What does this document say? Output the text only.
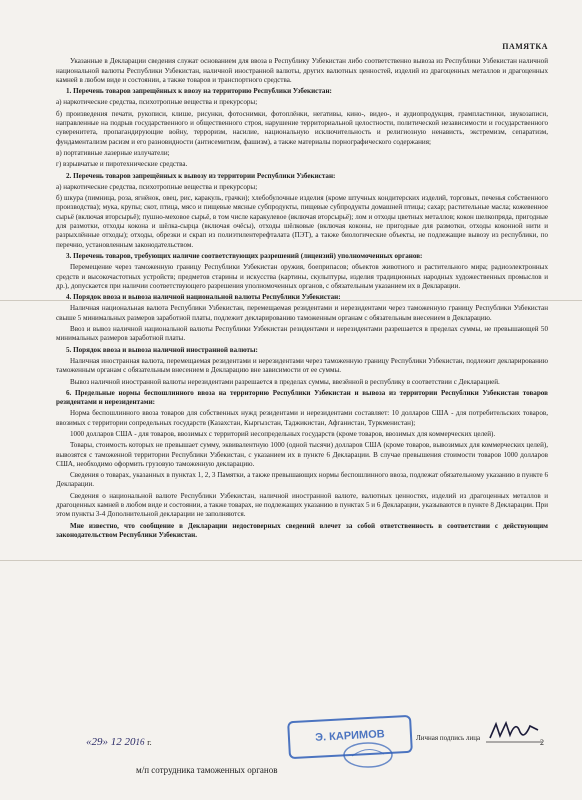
ПАМЯТКА

Указанные в Декларации сведения служат основанием для ввоза в Республику Узбекистан либо соответственно вывоза из Республики Узбекистан наличной национальной валюты Республики Узбекистан, наличной иностранной валюты, других валютных ценностей, изделий из драгоценных металлов и драгоценных камней в любом виде и состоянии, а также товаров и транспортного средства.

1. Перечень товаров запрещённых к ввозу на территорию Республики Узбекистан:

а) наркотические средства, психотропные вещества и прекурсоры;

б) произведения печати, рукописи, клише, рисунки, фотоснимки, фотоплёнки, негативы, кино-, видео-, и аудиопродукция, грампластинки, звукозаписи, направленные на подрыв государственного и общественного строя, нарушение территориальной целостности, политической независимости и государственного суверенитета, пропагандирующие войну, терроризм, насилие, национальную исключительность и религиозную ненависть, экстремизм, сепаратизм, фундаментализм расизм и его разновидности (антисемитизм, фашизм), а также материалы порнографического содержания;

в) портативные лазерные излучатели;

г) взрывчатые и пиротехнические средства.

2. Перечень товаров запрещённых к вывозу из территории Республики Узбекистан:

а) наркотические средства, психотропные вещества и прекурсоры;

б) шкура (пимница, роза, ягнёнок, овец, рис, каракуль, грачки); хлебобулочные изделия (кроме штучных кондитерских изделий, торговых, печенья собственного производства); мука, крупы; скот, птица, мясо и пищевые мясные субпродукты, пищевые субпродукты домашней птицы; сахар; растительные масла; кожевенное сырьё (включая вторсырьё); пушно-меховое сырьё, в том числе каракулевое (включая вторсырьё); лом и отходы цветных металлов; кокон шелкопряда, пригодные для размотки, отходы кокона и шёлка-сырца (включая очёсы), отходы шёлковые (включая коконы, не пригодные для размотки, отходы коконной нити и разрыхлённые отходы); отходы, обрезки и скрап из полиэтилентерефталата (ПЭТ), а также биологические объекты, не подлежащие вывозу из республики, по перечню, установленным законодательством.

3. Перечень товаров, требующих наличие соответствующих разрешений (лицензий) уполномоченных органов:

Перемещение через таможенную границу Республики Узбекистан оружия, боеприпасов; объектов животного и растительного мира; радиоэлектронных средств и высокочастотных устройств; предметов старины и искусства (картины, скульптуры, изделия традиционных народных художественных промыслов и др.), допускается при наличии соответствующего разрешения уполномоченных органов, с обязательным указанием их в Декларации.

4. Порядок ввоза и вывоза наличной национальной валюты Республики Узбекистан:

Наличная национальная валюта Республики Узбекистан, перемещаемая резидентами и нерезидентами через таможенную границу Республики Узбекистан свыше 5 минимальных размеров заработной платы, подлежит декларированию таможенным органам с обязательным внесением в Декларацию.

Ввоз и вывоз наличной национальной валюты Республики Узбекистан резидентами и нерезидентами разрешается в пределах суммы, не превышающей 50 минимальных размеров заработной платы.

5. Порядок ввоза и вывоза наличной иностранной валюты:

Наличная иностранная валюта, перемещаемая резидентами и нерезидентами через таможенную границу Республики Узбекистан, подлежит декларированию таможенным органам с обязательным внесением в Декларацию вне зависимости от ее суммы.

Вывоз наличной иностранной валюты нерезидентами разрешается в пределах суммы, ввезённой в республику в соответствии с Декларацией.

6. Предельные нормы беспошлинного ввоза на территорию Республики Узбекистан и вывоза из территории Республики Узбекистан товаров резидентами и нерезидентами:

Норма беспошлинного ввоза товаров для собственных нужд резидентами и нерезидентами составляет: 10 долларов США - для потребительских товаров, ввозимых с территории сопредельных государств (Казахстан, Кыргызстан, Таджикистан, Афганистан, Туркменистан);

1000 долларов США - для товаров, ввозимых с территорий несопредельных государств (кроме товаров, ввозимых для коммерческих целей).

Товары, стоимость которых не превышает сумму, эквивалентную 1000 (одной тысячи) долларов США (кроме товаров, вывозимых для коммерческих целей), вывозятся с таможенной территории Республики Узбекистан, с указанием их в пункте 6 Декларации. В случае превышения стоимости товаров 1000 долларов США, необходимо оформить грузовую таможенную декларацию.

Сведения о товарах, указанных в пунктах 1, 2, 3 Памятки, а также превышающих нормы беспошлинного ввоза, подлежат обязательному указанию в пункте 6 Декларации.

Сведения о национальной валюте Республики Узбекистан, наличной иностранной валюте, валютных ценностях, изделий из драгоценных металлов и драгоценных камней в любом виде и состоянии, а также товарах, не подлежащих указанию в пунктах 5 и 6 Декларации, указываются в пункте 8 Декларации. При этом пункты 3-4 Дополнительной декларации не заполняются.

Мне известно, что сообщение в Декларации недостоверных сведений влечет за собой ответственность в соответствии с действующим законодательством Республики Узбекистан.

«29» 12 2016 г.	Э. КАРИМОВ	Личная подпись лица
м/п сотрудника таможенных органов
2
